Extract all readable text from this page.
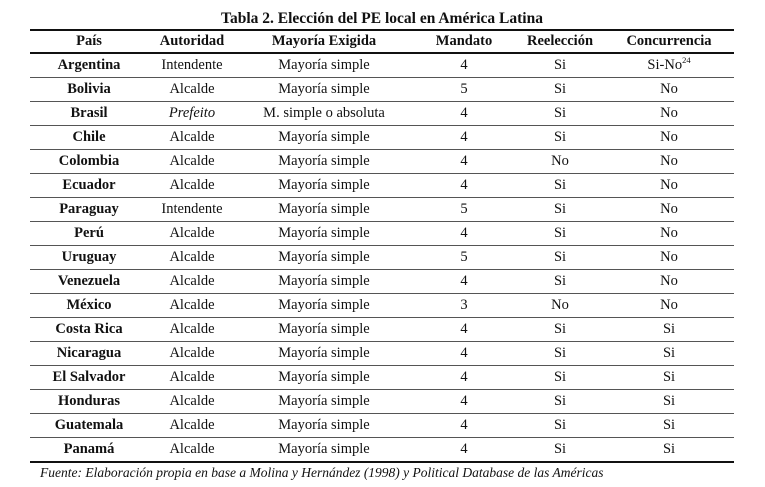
Tabla 2. Elección del PE local en América Latina
País	Autoridad	Mayoría Exigida	Mandato	Reelección	Concurrencia
Argentina	Intendente	Mayoría simple	4	Si	Si-No$^{24}$
Bolivia	Alcalde	Mayoría simple	5	Si	No
Brasil	Prefeito	M. simple o absoluta	4	Si	No
Chile	Alcalde	Mayoría simple	4	Si	No
Colombia	Alcalde	Mayoría simple	4	No	No
Ecuador	Alcalde	Mayoría simple	4	Si	No
Paraguay	Intendente	Mayoría simple	5	Si	No
Perú	Alcalde	Mayoría simple	4	Si	No
Uruguay	Alcalde	Mayoría simple	5	Si	No
Venezuela	Alcalde	Mayoría simple	4	Si	No
México	Alcalde	Mayoría simple	3	No	No
Costa Rica	Alcalde	Mayoría simple	4	Si	Si
Nicaragua	Alcalde	Mayoría simple	4	Si	Si
El Salvador	Alcalde	Mayoría simple	4	Si	Si
Honduras	Alcalde	Mayoría simple	4	Si	Si
Guatemala	Alcalde	Mayoría simple	4	Si	Si
Panamá	Alcalde	Mayoría simple	4	Si	Si
Fuente: Elaboración propia en base a Molina y Hernández (1998) y Political Database de las Américas
